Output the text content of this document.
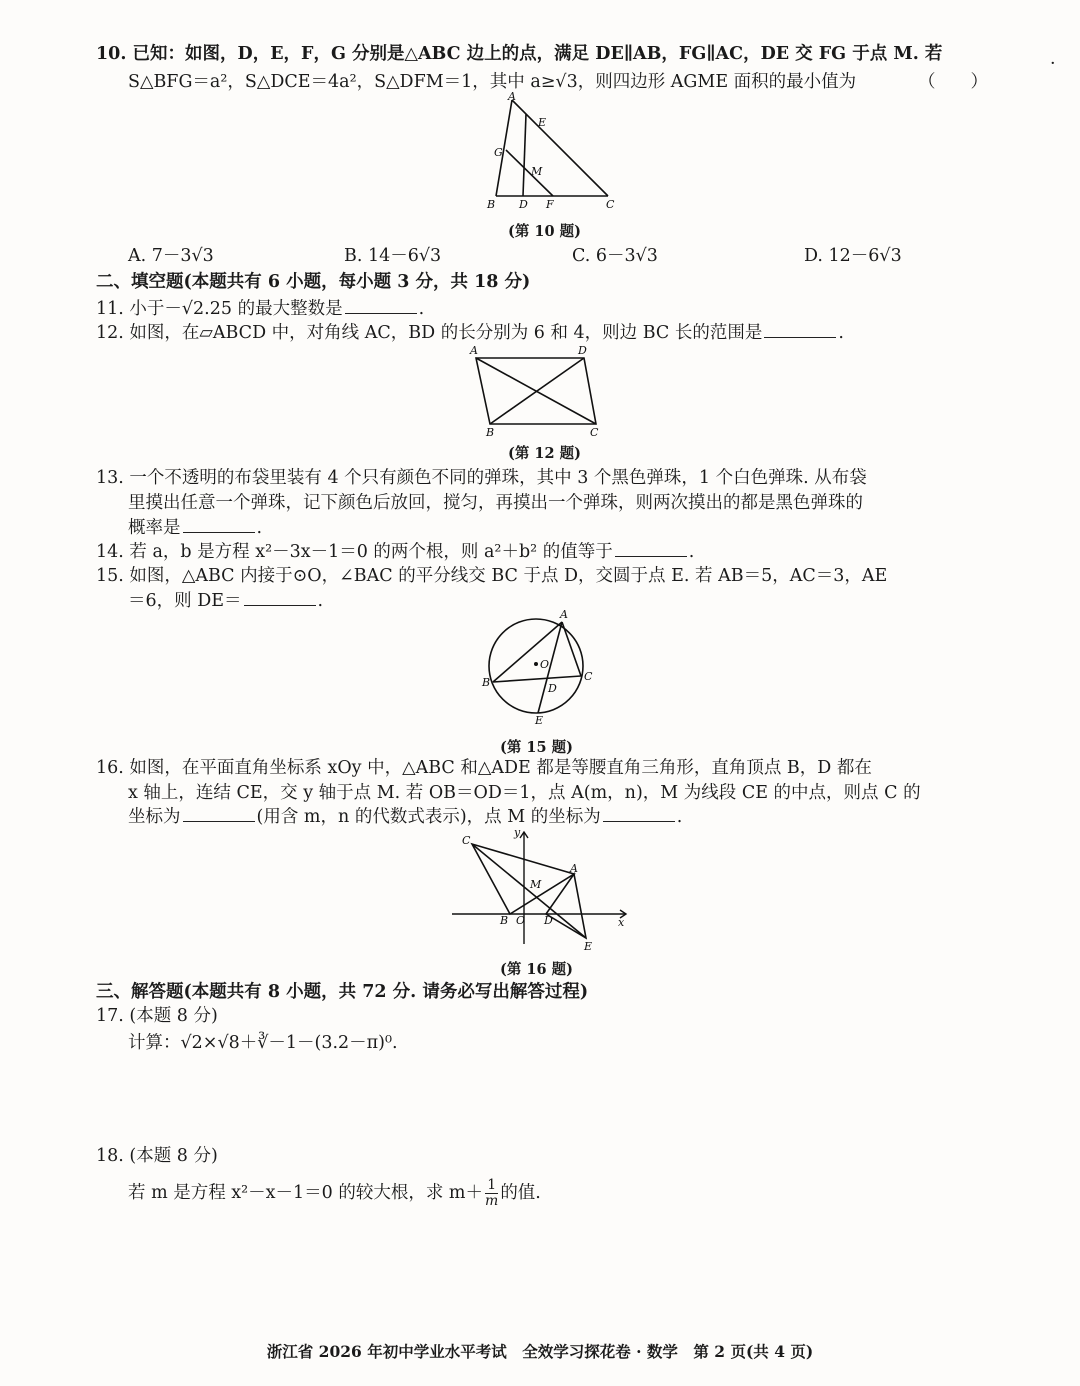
·
10. 已知：如图，D，E，F，G 分别是△ABC 边上的点，满足 DE∥AB，FG∥AC，DE 交 FG 于点 M. 若
S△BFG＝a²，S△DCE＝4a²，S△DFM＝1，其中 a≥√3，则四边形 AGME 面积的最小值为	（　　）
A
E
G
M
B D F	C
(第 10 题)
A. 7－3√3	B. 14－6√3	C. 6－3√3	D. 12－6√3
二、填空题(本题共有 6 小题，每小题 3 分，共 18 分)
11. 小于－√2.25 的最大整数是	.
12. 如图，在▱ABCD 中，对角线 AC，BD 的长分别为 6 和 4，则边 BC 长的范围是	.
A	D
B	C
(第 12 题)
13. 一个不透明的布袋里装有 4 个只有颜色不同的弹珠，其中 3 个黑色弹珠，1 个白色弹珠. 从布袋
里摸出任意一个弹珠，记下颜色后放回，搅匀，再摸出一个弹珠，则两次摸出的都是黑色弹珠的
概率是	.
14. 若 a，b 是方程 x²－3x－1＝0 的两个根，则 a²＋b² 的值等于	.
15. 如图，△ABC 内接于⊙O，∠BAC 的平分线交 BC 于点 D，交圆于点 E. 若 AB＝5，AC＝3，AE
＝6，则 DE＝	.
A
O
B	C
D
E
(第 15 题)
16. 如图，在平面直角坐标系 xOy 中，△ABC 和△ADE 都是等腰直角三角形，直角顶点 B，D 都在
x 轴上，连结 CE，交 y 轴于点 M. 若 OB＝OD＝1，点 A(m，n)，M 为线段 CE 的中点，则点 C 的
坐标为	(用含 m，n 的代数式表示)，点 M 的坐标为	.
C
y
M
A
B O D	x
E
(第 16 题)
三、解答题(本题共有 8 小题，共 72 分. 请务必写出解答过程)
17. (本题 8 分)
计算：√2×√8＋∛－1－(3.2－π)⁰.
18. (本题 8 分)
若 m 是方程 x²－x－1＝0 的较大根，求 $m+ \frac{1}{m}$ 的值.
浙江省 2026 年初中学业水平考试　全效学习探花卷 · 数学　第 2 页(共 4 页)
